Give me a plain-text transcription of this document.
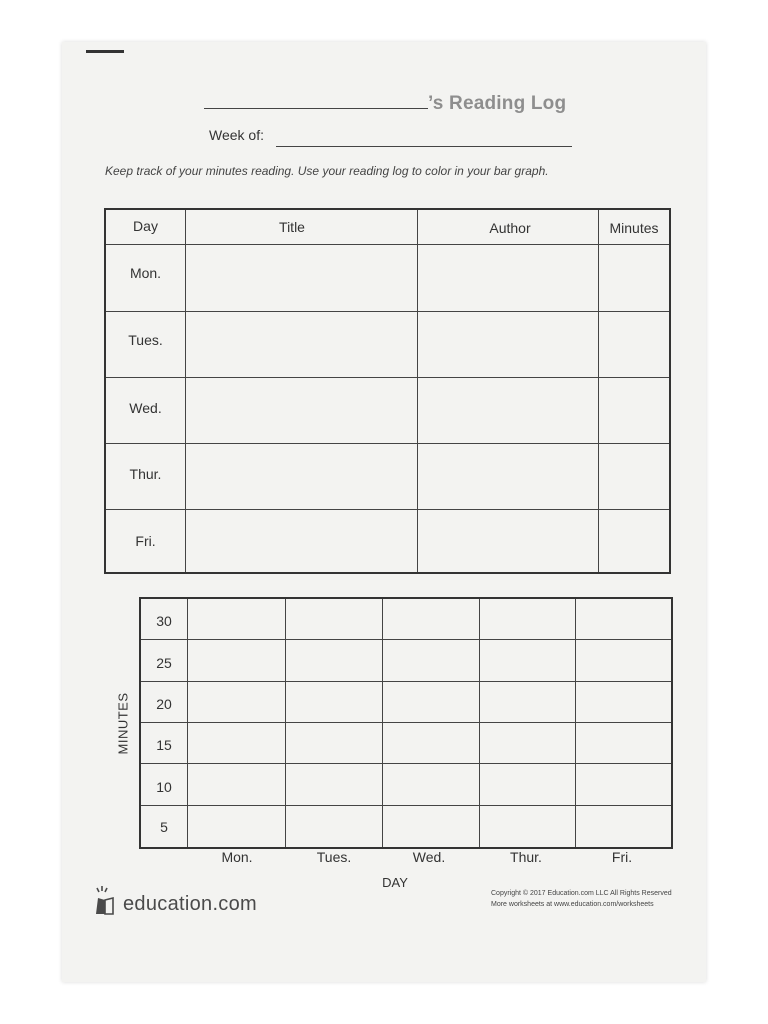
’s Reading Log
Week of:
Keep track of your minutes reading. Use your reading log to color in your bar graph.
Day	Title	Author	Minutes
Mon.
Tues.
Wed.
Thur.
Fri.
MINUTES
30
25
20
15
10
5
Mon.	Tues.	Wed.	Thur.	Fri.
DAY
education.com	Copyright © 2017 Education.com LLC All Rights Reserved
More worksheets at www.education.com/worksheets
